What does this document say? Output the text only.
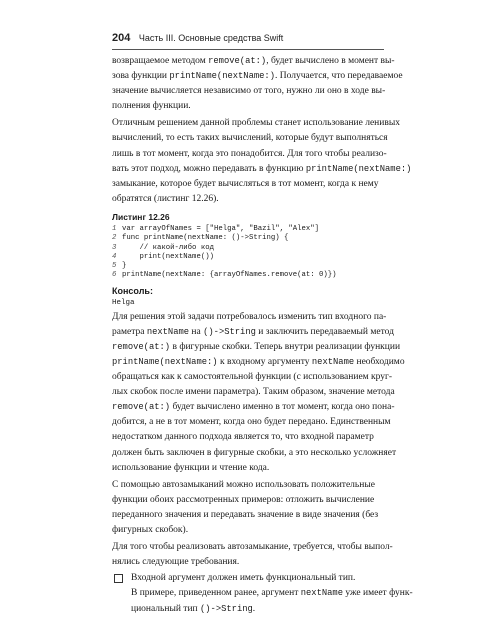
204 Часть III. Основные средства Swift
возвращаемое методом remove(at:), будет вычислено в момент вы-
зова функции printName(nextName:). Получается, что передаваемое
значение вычисляется независимо от того, нужно ли оно в ходе вы-
полнения функции.
Отличным решением данной проблемы станет использование ленивых
вычислений, то есть таких вычислений, которые будут выполняться
лишь в тот момент, когда это понадобится. Для того чтобы реализо-
вать этот подход, можно передавать в функцию printName(nextName:)
замыкание, которое будет вычисляться в тот момент, когда к нему
обратятся (листинг 12.26).
Листинг 12.26
1 var arrayOfNames = ["Helga", "Bazil", "Alex"]
2 func printName(nextName: ()->String) {
3    // какой-либо код
4    print(nextName())
5 }
6 printName(nextName: {arrayOfNames.remove(at: 0)})
Консоль:
Helga
Для решения этой задачи потребовалось изменить тип входного па-
раметра nextName на ()->String и заключить передаваемый метод
remove(at:) в фигурные скобки. Теперь внутри реализации функции
printName(nextName:) к входному аргументу nextName необходимо
обращаться как к самостоятельной функции (с использованием круг-
лых скобок после имени параметра). Таким образом, значение метода
remove(at:) будет вычислено именно в тот момент, когда оно пона-
добится, а не в тот момент, когда оно будет передано. Единственным
недостатком данного подхода является то, что входной параметр
должен быть заключен в фигурные скобки, а это несколько усложняет
использование функции и чтение кода.
С помощью автозамыканий можно использовать положительные
функции обоих рассмотренных примеров: отложить вычисление
переданного значения и передавать значение в виде значения (без
фигурных скобок).
Для того чтобы реализовать автозамыкание, требуется, чтобы выпол-
нялись следующие требования.
Входной аргумент должен иметь функциональный тип.
В примере, приведенном ранее, аргумент nextName уже имеет функ-
циональный тип ()->String.
